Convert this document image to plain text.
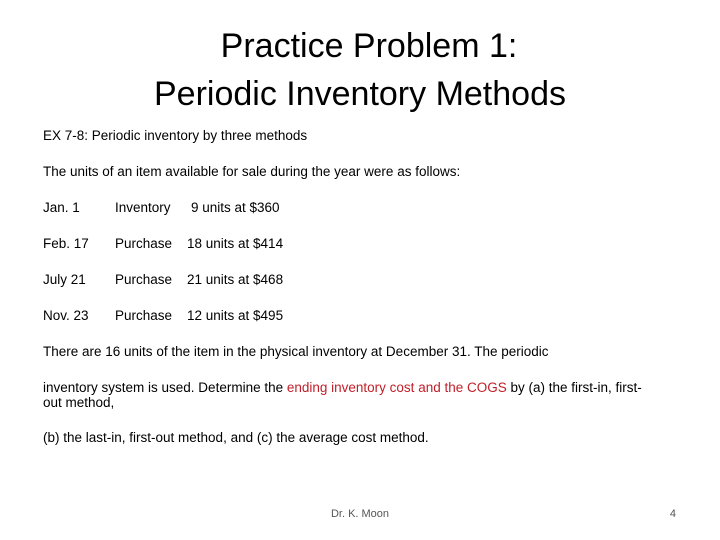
Practice Problem 1:
Periodic Inventory Methods
EX 7-8: Periodic inventory by three methods
The units of an item available for sale during the year were as follows:
Jan. 1	Inventory 9 units at $360
Feb. 17 Purchase 18 units at $414
July 21 Purchase 21 units at $468
Nov. 23 Purchase 12 units at $495
There are 16 units of the item in the physical inventory at December 31. The periodic
inventory system is used. Determine the ending inventory cost and the COGS by (a) the first-in, first-
out method,
(b) the last-in, first-out method, and (c) the average cost method.
Dr. K. Moon	4
